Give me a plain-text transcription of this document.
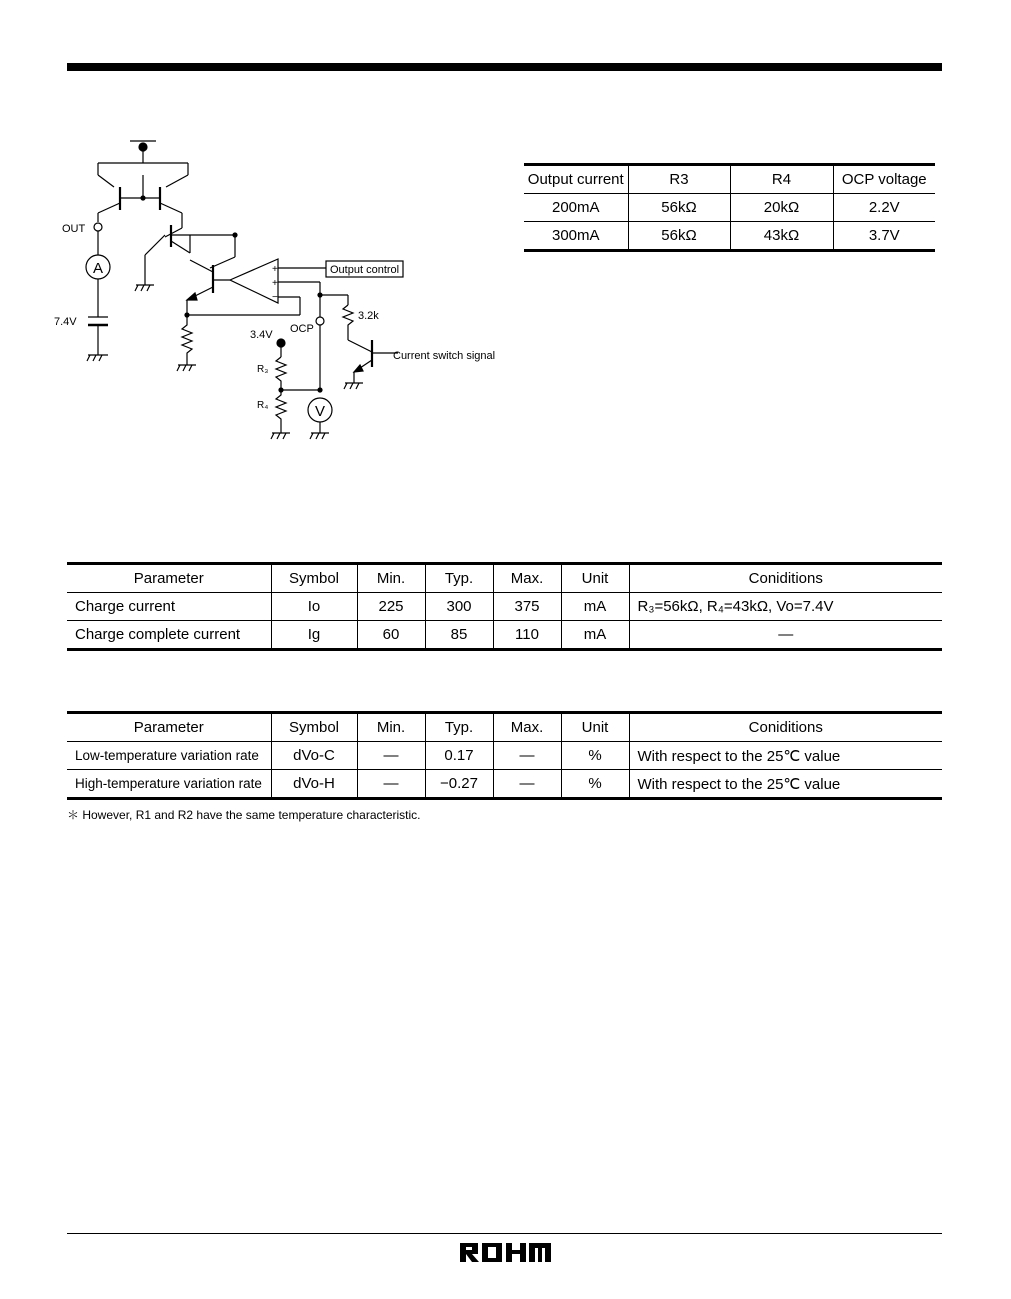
OUT
A
7.4V
Output control
+
+
−
3.2k
3.4V OCP
R₃
R₄	V
Current switch signal
Output current	R3	R4	OCP voltage
200mA	56kΩ	20kΩ	2.2V
300mA	56kΩ	43kΩ	3.7V
Parameter	Symbol	Min.	Typ.	Max.	Unit	Coniditions
Charge current	Io	225	300	375	mA	R₃=56kΩ, R₄=43kΩ, Vo=7.4V
Charge complete current	Ig	60	85	110	mA	—
Parameter	Symbol	Min.	Typ.	Max.	Unit	Coniditions
Low-temperature variation rate	dVo-C	—	0.17	—	%	With respect to the 25℃ value
High-temperature variation rate	dVo-H	—	−0.27	—	%	With respect to the 25℃ value
＊ However, R1 and R2 have the same temperature characteristic.
